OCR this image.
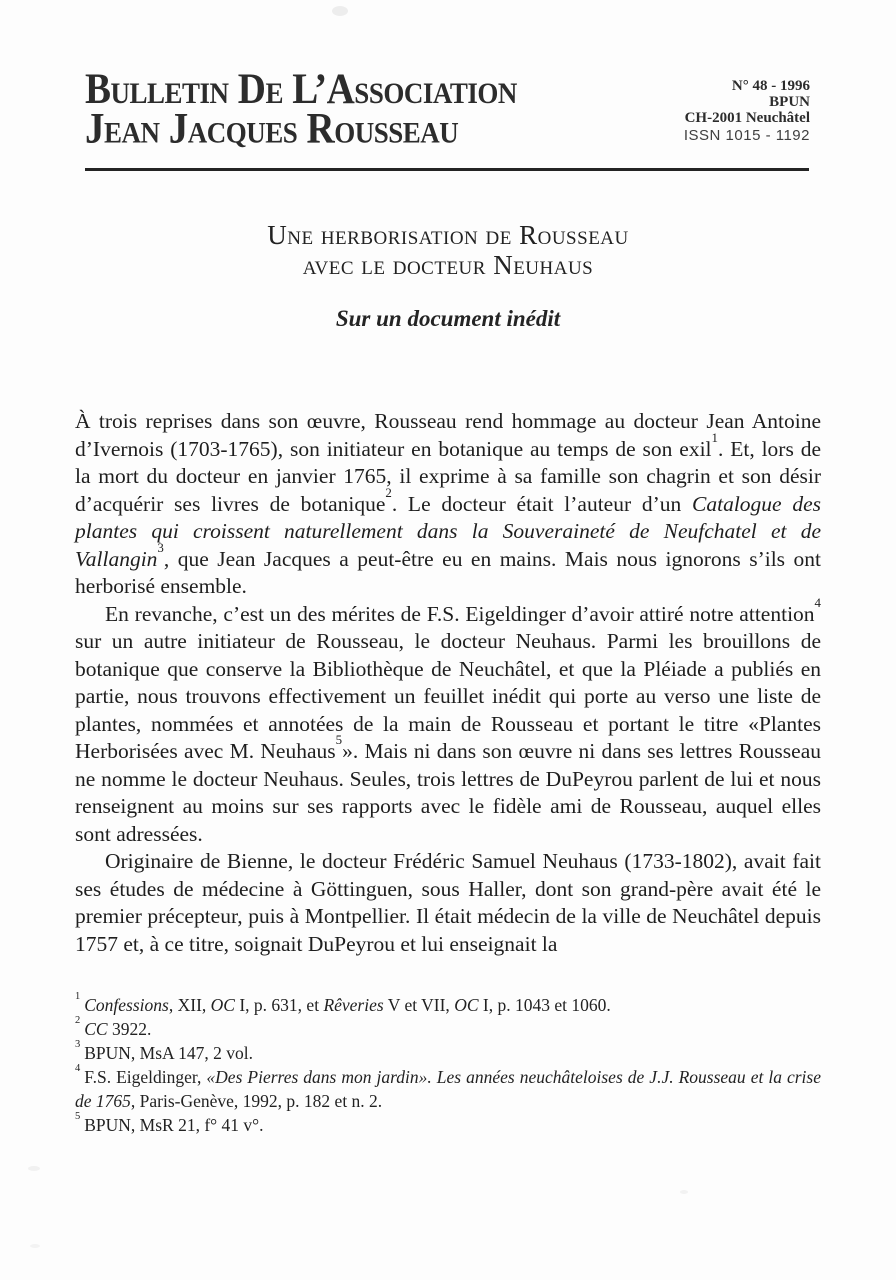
Bulletin De L’Association
Jean Jacques Rousseau
N° 48 - 1996
BPUN
CH-2001 Neuchâtel
ISSN 1015 - 1192
Une herborisation de Rousseau
avec le docteur Neuhaus
Sur un document inédit

À trois reprises dans son œuvre, Rousseau rend hommage au docteur Jean Antoine d’Ivernois (1703-1765), son initiateur en botanique au temps de son exil$^1$. Et, lors de la mort du docteur en janvier 1765, il exprime à sa famille son chagrin et son désir d’acquérir ses livres de botanique$^2$. Le docteur était l’auteur d’un Catalogue des plantes qui croissent naturellement dans la Souveraineté de Neufchatel et de Vallangin$^3$, que Jean Jacques a peut-être eu en mains. Mais nous ignorons s’ils ont herborisé ensemble.

En revanche, c’est un des mérites de F.S. Eigeldinger d’avoir attiré notre attention$^4$ sur un autre initiateur de Rousseau, le docteur Neuhaus. Parmi les brouillons de botanique que conserve la Bibliothèque de Neuchâtel, et que la Pléiade a publiés en partie, nous trouvons effectivement un feuillet inédit qui porte au verso une liste de plantes, nommées et annotées de la main de Rousseau et portant le titre «Plantes Herborisées avec M. Neuhaus$^5$». Mais ni dans son œuvre ni dans ses lettres Rousseau ne nomme le docteur Neuhaus. Seules, trois lettres de DuPeyrou parlent de lui et nous renseignent au moins sur ses rapports avec le fidèle ami de Rousseau, auquel elles sont adressées.

Originaire de Bienne, le docteur Frédéric Samuel Neuhaus (1733-1802), avait fait ses études de médecine à Göttinguen, sous Haller, dont son grand-père avait été le premier précepteur, puis à Montpellier. Il était médecin de la ville de Neuchâtel depuis 1757 et, à ce titre, soignait DuPeyrou et lui enseignait la

$^1$ Confessions, XII, OC I, p. 631, et Rêveries V et VII, OC I, p. 1043 et 1060.

$^2$ CC 3922.

$^3$ BPUN, MsA 147, 2 vol.

$^4$ F.S. Eigeldinger, «Des Pierres dans mon jardin». Les années neuchâteloises de J.J. Rousseau et la crise de 1765, Paris-Genève, 1992, p. 182 et n. 2.

$^5$ BPUN, MsR 21, f° 41 v°.
